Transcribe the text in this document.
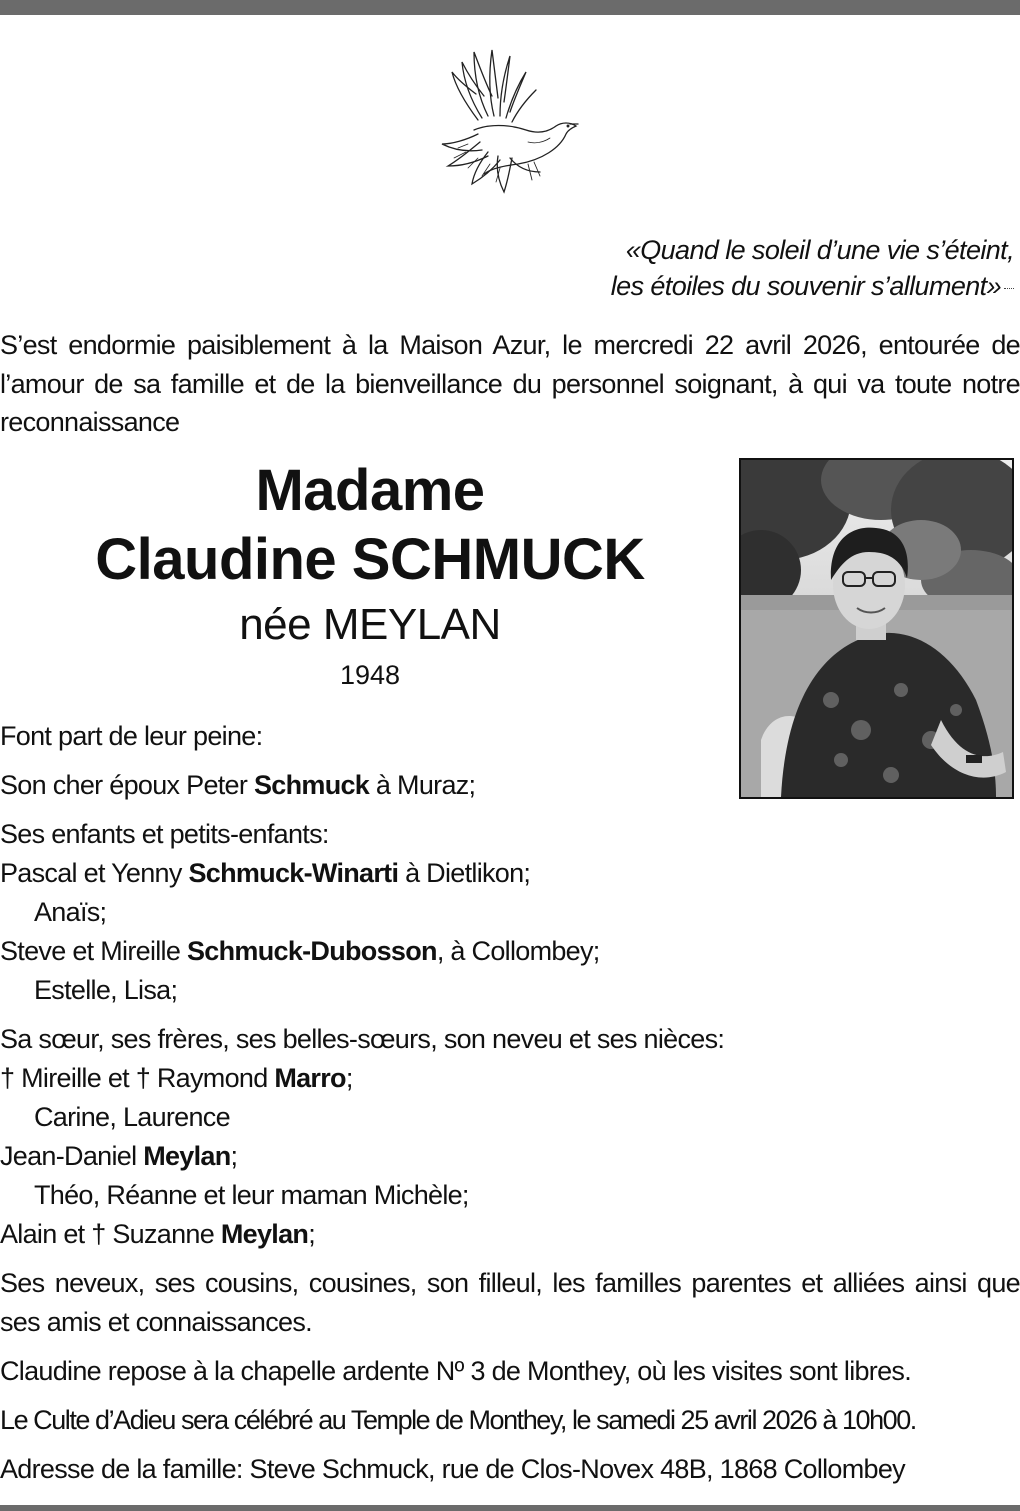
«Quand le soleil d’une vie s’éteint,
les étoiles du souvenir s’allument»
S’est endormie paisiblement à la Maison Azur, le mercredi 22 avril 2026, entourée de l’amour de sa famille et de la bienveillance du personnel soignant, à qui va toute notre reconnaissance
Madame
Claudine SCHMUCK
née MEYLAN
1948

Font part de leur peine:

Son cher époux Peter Schmuck à Muraz;

Ses enfants et petits-enfants:

Pascal et Yenny Schmuck-Winarti à Dietlikon;

Anaïs;

Steve et Mireille Schmuck-Dubosson, à Collombey;

Estelle, Lisa;

Sa sœur, ses frères, ses belles-sœurs, son neveu et ses nièces:

† Mireille et † Raymond Marro;

Carine, Laurence

Jean-Daniel Meylan;

Théo, Réanne et leur maman Michèle;

Alain et † Suzanne Meylan;

Ses neveux, ses cousins, cousines, son filleul, les familles parentes et alliées ainsi que ses amis et connaissances.

Claudine repose à la chapelle ardente Nº 3 de Monthey, où les visites sont libres.

Le Culte d’Adieu sera célébré au Temple de Monthey, le samedi 25 avril 2026 à 10h00.

Adresse de la famille: Steve Schmuck, rue de Clos-Novex 48B, 1868 Collombey
